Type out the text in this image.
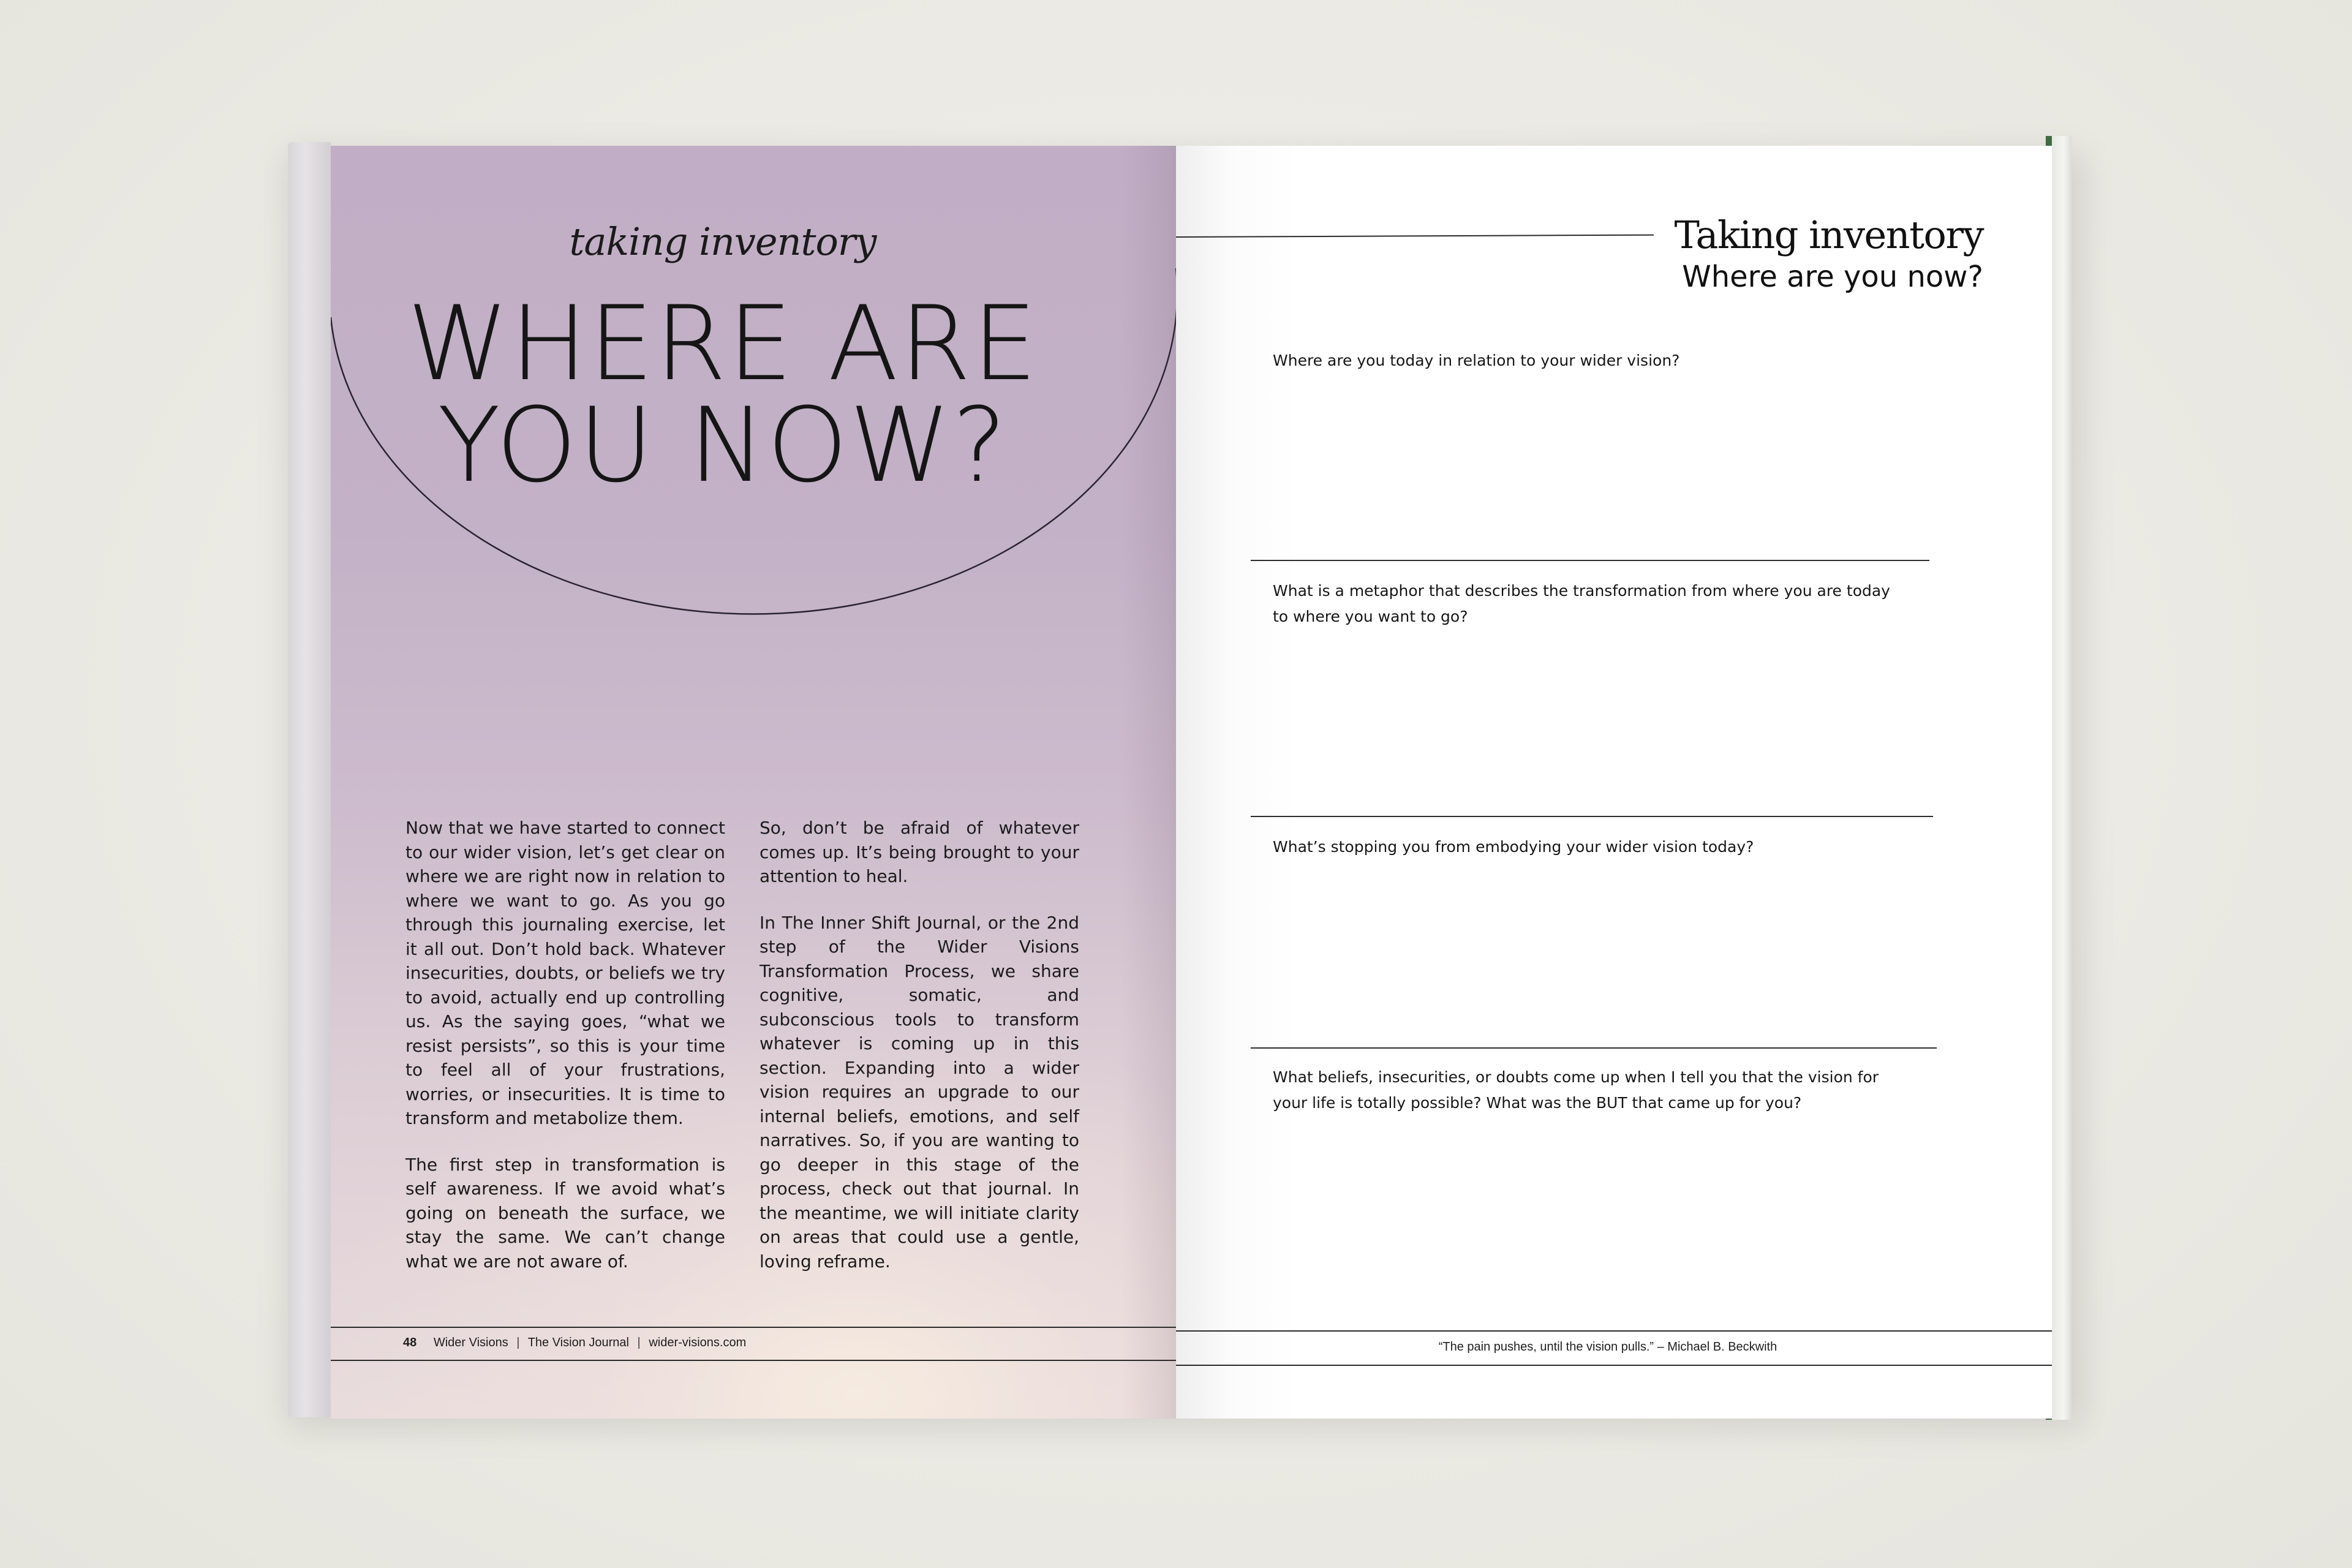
taking inventory
WHERE ARE
YOU NOW?

Now that we have started to connect to our wider vision, let’s get clear on where we are right now in relation to where we want to go. As you go through this journaling exercise, let it all out. Don’t hold back. Whatever insecurities, doubts, or beliefs we try to avoid, actually end up controlling us. As the saying goes, “what we resist persists”, so this is your time to feel all of your frustrations, worries, or insecurities. It is time to transform and metabolize them.

The first step in transformation is self awareness. If we avoid what’s going on beneath the surface, we stay the same. We can’t change what we are not aware of.

So, don’t be afraid of whatever comes up. It’s being brought to your attention to heal.

In The Inner Shift Journal, or the 2nd step of the Wider Visions Transformation Process, we share cognitive, somatic, and subconscious tools to transform whatever is coming up in this section. Expanding into a wider vision requires an upgrade to our internal beliefs, emotions, and self narratives. So, if you are wanting to go deeper in this stage of the process, check out that journal. In the meantime, we will initiate clarity on areas that could use a gentle, loving reframe.

48 Wider Visions | The Vision Journal | wider-visions.com
Taking inventory
Where are you now?
Where are you today in relation to your wider vision?
What is a metaphor that describes the transformation from where you are today to where you want to go?
What’s stopping you from embodying your wider vision today?
What beliefs, insecurities, or doubts come up when I tell you that the vision for your life is totally possible? What was the BUT that came up for you?
“The pain pushes, until the vision pulls.” – Michael B. Beckwith
